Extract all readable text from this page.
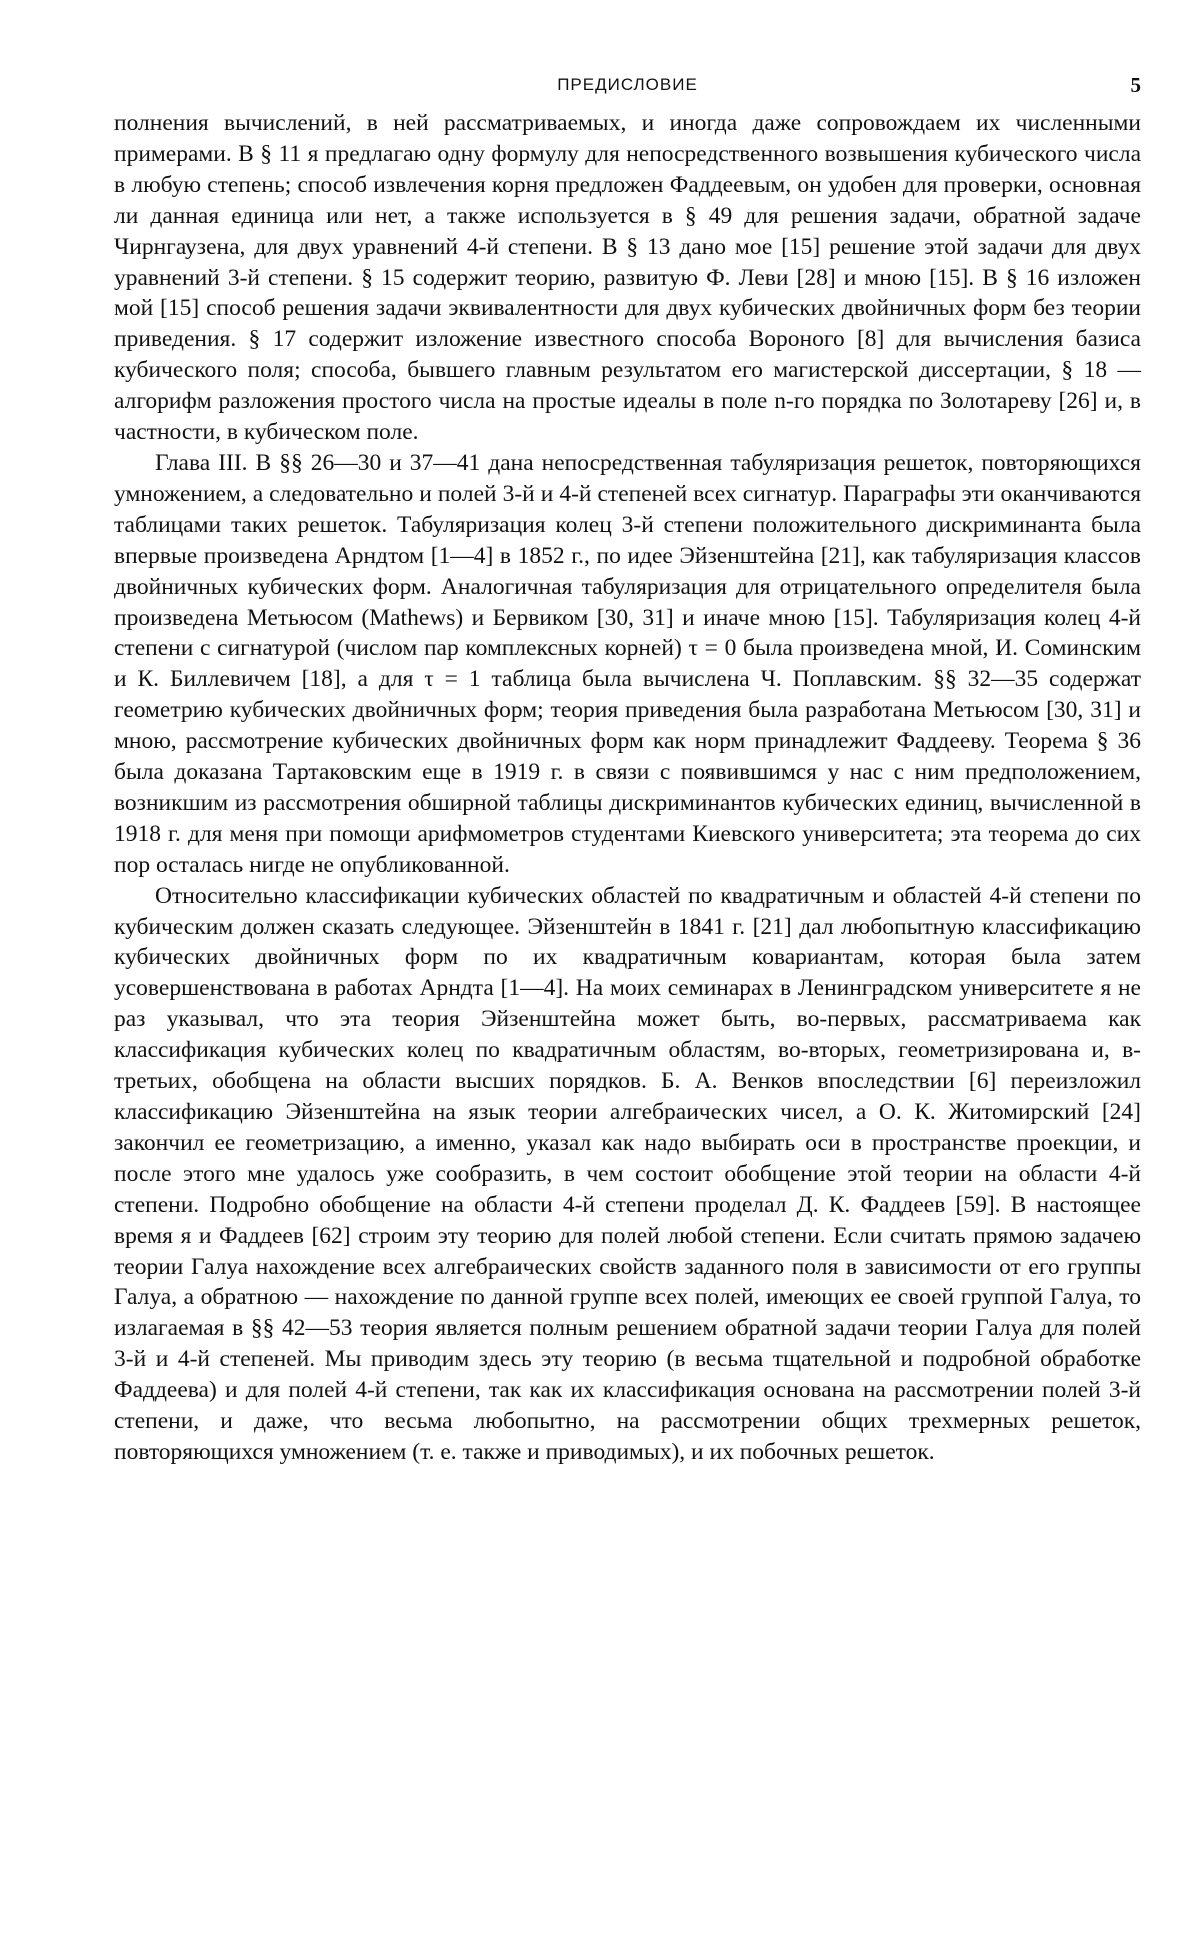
ПРЕДИСЛОВИЕ	5

полнения вычислений, в ней рассматриваемых, и иногда даже сопровождаем их численными примерами. В § 11 я предлагаю одну формулу для непосредственного возвышения кубического числа в любую степень; способ извлечения корня предложен Фаддеевым, он удобен для проверки, основная ли данная единица или нет, а также используется в § 49 для решения задачи, обратной задаче Чирнгаузена, для двух уравнений 4-й степени. В § 13 дано мое [15] решение этой задачи для двух уравнений 3-й степени. § 15 содержит теорию, развитую Ф. Леви [28] и мною [15]. В § 16 изложен мой [15] способ решения задачи эквивалентности для двух кубических двойничных форм без теории приведения. § 17 содержит изложение известного способа Вороного [8] для вычисления базиса кубического поля; способа, бывшего главным результатом его магистерской диссертации, § 18 — алгорифм разложения простого числа на простые идеалы в поле n-го порядка по Золотареву [26] и, в частности, в кубическом поле.

Глава III. В §§ 26—30 и 37—41 дана непосредственная табуляризация решеток, повторяющихся умножением, а следовательно и полей 3-й и 4-й степеней всех сигнатур. Параграфы эти оканчиваются таблицами таких решеток. Табуляризация колец 3-й степени положительного дискриминанта была впервые произведена Арндтом [1—4] в 1852 г., по идее Эйзенштейна [21], как табуляризация классов двойничных кубических форм. Аналогичная табуляризация для отрицательного определителя была произведена Метьюсом (Mathews) и Бервиком [30, 31] и иначе мною [15]. Табуляризация колец 4-й степени с сигнатурой (числом пар комплексных корней) τ = 0 была произведена мной, И. Соминским и К. Биллевичем [18], а для τ = 1 таблица была вычислена Ч. Поплавским. §§ 32—35 содержат геометрию кубических двойничных форм; теория приведения была разработана Метьюсом [30, 31] и мною, рассмотрение кубических двойничных форм как норм принадлежит Фаддееву. Теорема § 36 была доказана Тартаковским еще в 1919 г. в связи с появившимся у нас с ним предположением, возникшим из рассмотрения обширной таблицы дискриминантов кубических единиц, вычисленной в 1918 г. для меня при помощи арифмометров студентами Киевского университета; эта теорема до сих пор осталась нигде не опубликованной.

Относительно классификации кубических областей по квадратичным и областей 4-й степени по кубическим должен сказать следующее. Эйзенштейн в 1841 г. [21] дал любопытную классификацию кубических двойничных форм по их квадратичным ковариантам, которая была затем усовершенствована в работах Арндта [1—4]. На моих семинарах в Ленинградском университете я не раз указывал, что эта теория Эйзенштейна может быть, во-первых, рассматриваема как классификация кубических колец по квадратичным областям, во-вторых, геометризирована и, в-третьих, обобщена на области высших порядков. Б. А. Венков впоследствии [6] переизложил классификацию Эйзенштейна на язык теории алгебраических чисел, а О. К. Житомирский [24] закончил ее геометризацию, а именно, указал как надо выбирать оси в пространстве проекции, и после этого мне удалось уже сообразить, в чем состоит обобщение этой теории на области 4-й степени. Подробно обобщение на области 4-й степени проделал Д. К. Фаддеев [59]. В настоящее время я и Фаддеев [62] строим эту теорию для полей любой степени. Если считать прямою задачею теории Галуа нахождение всех алгебраических свойств заданного поля в зависимости от его группы Галуа, а обратною — нахождение по данной группе всех полей, имеющих ее своей группой Галуа, то излагаемая в §§ 42—53 теория является полным решением обратной задачи теории Галуа для полей 3-й и 4-й степеней. Мы приводим здесь эту теорию (в весьма тщательной и подробной обработке Фаддеева) и для полей 4-й степени, так как их классификация основана на рассмотрении полей 3-й степени, и даже, что весьма любопытно, на рассмотрении общих трехмерных решеток, повторяющихся умножением (т. е. также и приводимых), и их побочных решеток.
